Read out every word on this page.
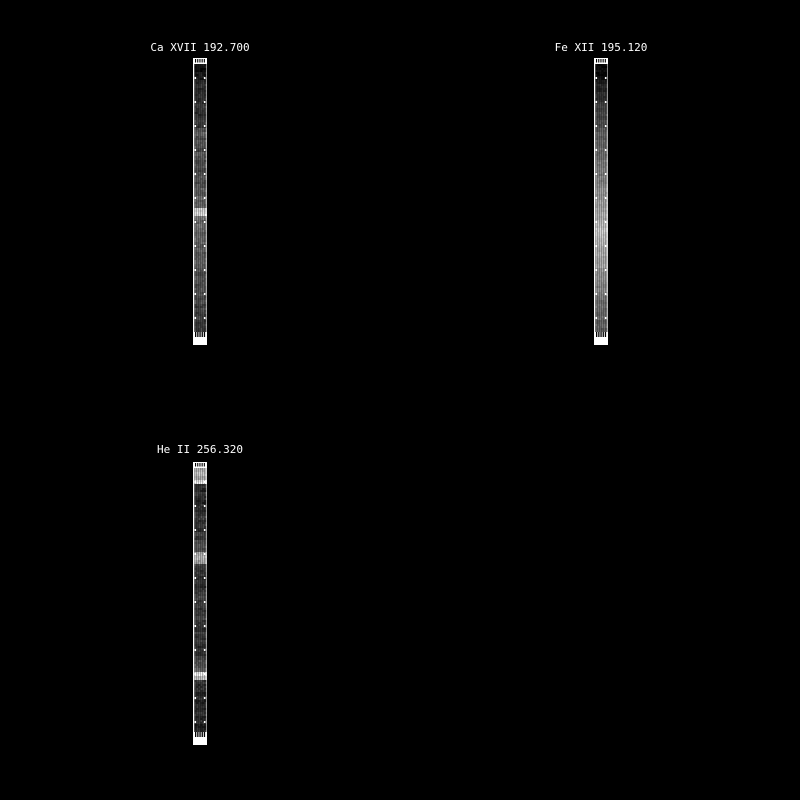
Ca XVII 192.700	Fe XII 195.120
He II 256.320
